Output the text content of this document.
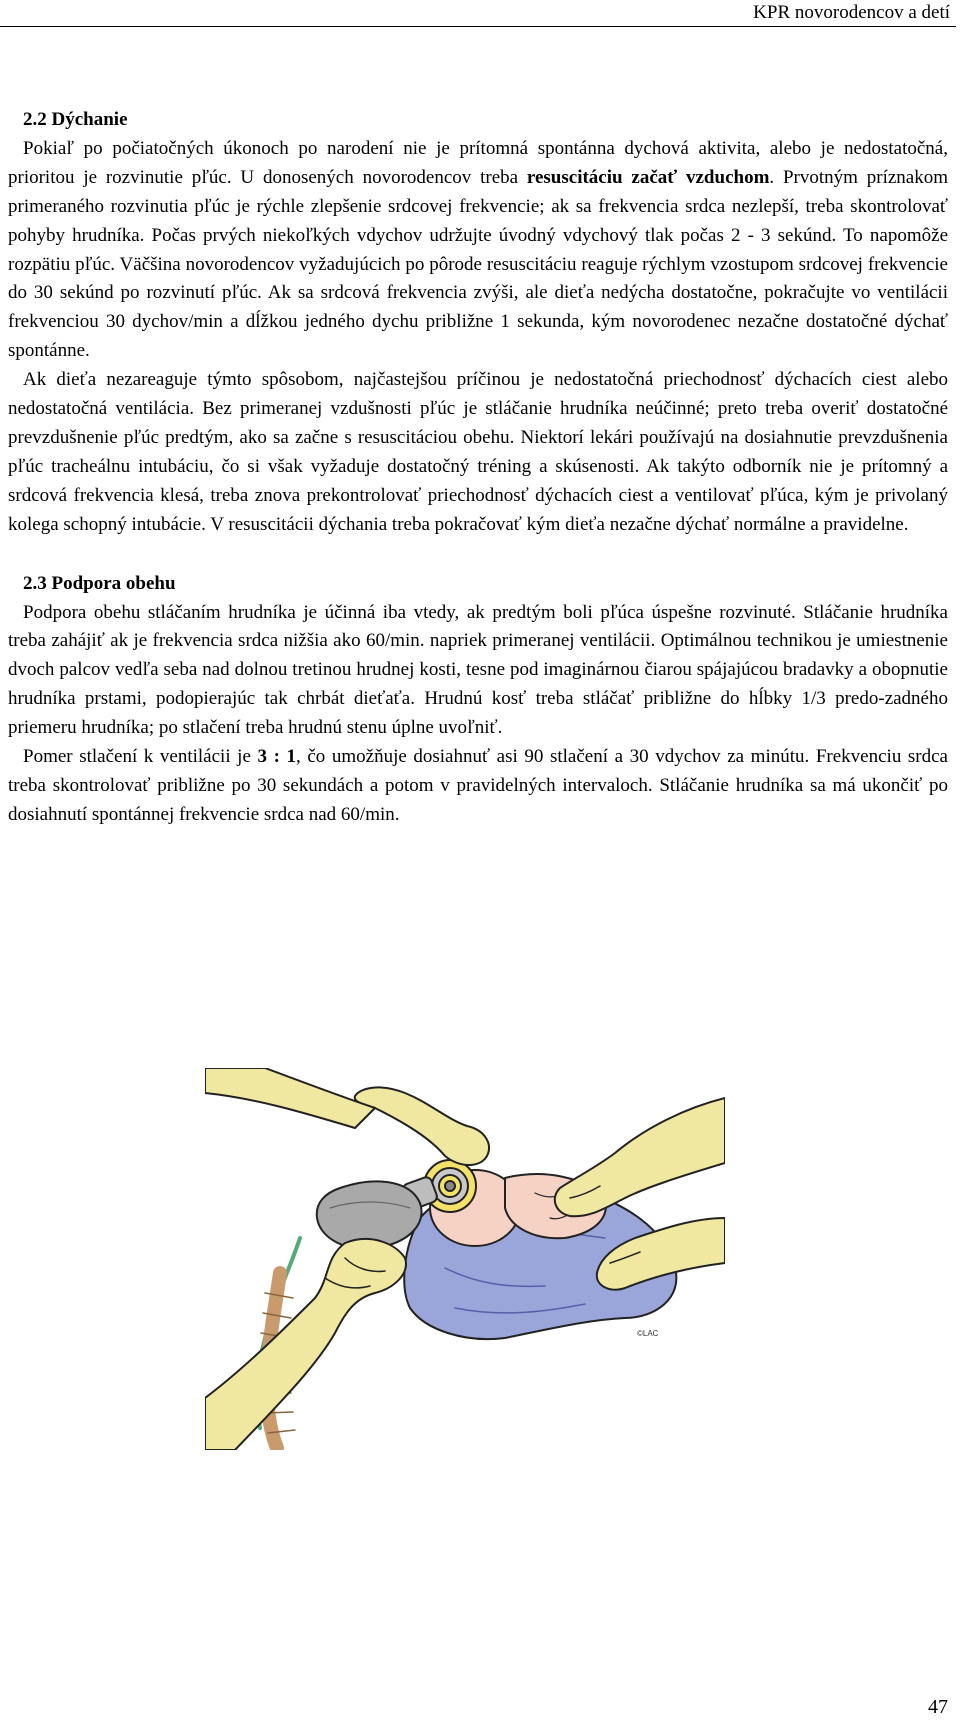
KPR novorodencov a detí
2.2 Dýchanie

Pokiaľ po počiatočných úkonoch po narodení nie je prítomná spontánna dychová aktivita, alebo je nedostatočná, prioritou je rozvinutie pľúc. U donosených novorodencov treba resuscitáciu začať vzduchom. Prvotným príznakom primeraného rozvinutia pľúc je rýchle zlepšenie srdcovej frekvencie; ak sa frekvencia srdca nezlepší, treba skontrolovať pohyby hrudníka. Počas prvých niekoľkých vdychov udržujte úvodný vdychový tlak počas 2 - 3 sekúnd. To napomôže rozpätiu pľúc. Väčšina novorodencov vyžadujúcich po pôrode resuscitáciu reaguje rýchlym vzostupom srdcovej frekvencie do 30 sekúnd po rozvinutí pľúc. Ak sa srdcová frekvencia zvýši, ale dieťa nedýcha dostatočne, pokračujte vo ventilácii frekvenciou 30 dychov/min a dĺžkou jedného dychu približne 1 sekunda, kým novorodenec nezačne dostatočné dýchať spontánne.

Ak dieťa nezareaguje týmto spôsobom, najčastejšou príčinou je nedostatočná priechodnosť dýchacích ciest alebo nedostatočná ventilácia. Bez primeranej vzdušnosti pľúc je stláčanie hrudníka neúčinné; preto treba overiť dostatočné prevzdušnenie pľúc predtým, ako sa začne s resuscitáciou obehu. Niektorí lekári používajú na dosiahnutie prevzdušnenia pľúc tracheálnu intubáciu, čo si však vyžaduje dostatočný tréning a skúsenosti. Ak takýto odborník nie je prítomný a srdcová frekvencia klesá, treba znova prekontrolovať priechodnosť dýchacích ciest a ventilovať pľúca, kým je privolaný kolega schopný intubácie. V resuscitácii dýchania treba pokračovať kým dieťa nezačne dýchať normálne a pravidelne.

2.3 Podpora obehu

Podpora obehu stláčaním hrudníka je účinná iba vtedy, ak predtým boli pľúca úspešne rozvinuté. Stláčanie hrudníka treba zahájiť ak je frekvencia srdca nižšia ako 60/min. napriek primeranej ventilácii. Optimálnou technikou je umiestnenie dvoch palcov vedľa seba nad dolnou tretinou hrudnej kosti, tesne pod imaginárnou čiarou spájajúcou bradavky a obopnutie hrudníka prstami, podopierajúc tak chrbát dieťaťa. Hrudnú kosť treba stláčať približne do hĺbky 1/3 predo-zadného priemeru hrudníka; po stlačení treba hrudnú stenu úplne uvoľniť.

Pomer stlačení k ventilácii je 3 : 1, čo umožňuje dosiahnuť asi 90 stlačení a 30 vdychov za minútu. Frekvenciu srdca treba skontrolovať približne po 30 sekundách a potom v pravidelných intervaloch. Stláčanie hrudníka sa má ukončiť po dosiahnutí spontánnej frekvencie srdca nad 60/min.

©LAC
47
